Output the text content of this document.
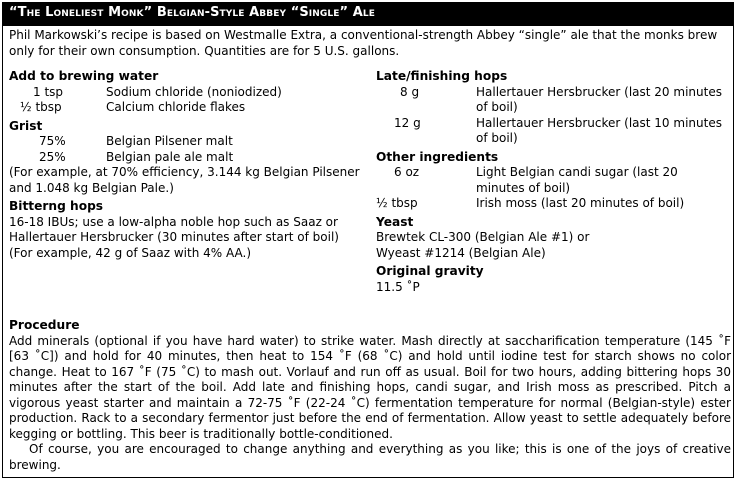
“The Loneliest Monk” Belgian-Style Abbey “Single” Ale
Phil Markowski’s recipe is based on Westmalle Extra, a conventional-strength Abbey “single” ale that the monks brew only for their own consumption. Quantities are for 5 U.S. gallons.
Add to brewing water
1 tsp	Sodium chloride (noniodized)
½ tbsp	Calcium chloride flakes
Grist
75%	Belgian Pilsener malt
25%	Belgian pale ale malt
(For example, at 70% efficiency, 3.144 kg Belgian Pilsener and 1.048 kg Belgian Pale.)
Bitterng hops
16-18 IBUs; use a low-alpha noble hop such as Saaz or Hallertauer Hersbrucker (30 minutes after start of boil)
(For example, 42 g of Saaz with 4% AA.)
Late/finishing hops
8 g	Hallertauer Hersbrucker (last 20 minutes of boil)
12 g	Hallertauer Hersbrucker (last 10 minutes of boil)
Other ingredients
6 oz	Light Belgian candi sugar (last 20 minutes of boil)
½ tbsp	Irish moss (last 20 minutes of boil)
Yeast
Brewtek CL-300 (Belgian Ale #1) or
Wyeast #1214 (Belgian Ale)
Original gravity
11.5 ˚P
Procedure
Add minerals (optional if you have hard water) to strike water. Mash directly at saccharification temperature (145 ˚F [63 ˚C]) and hold for 40 minutes, then heat to 154 ˚F (68 ˚C) and hold until iodine test for starch shows no color change. Heat to 167 ˚F (75 ˚C) to mash out. Vorlauf and run off as usual. Boil for two hours, adding bittering hops 30 minutes after the start of the boil. Add late and finishing hops, candi sugar, and Irish moss as prescribed. Pitch a vigorous yeast starter and maintain a 72-75 ˚F (22-24 ˚C) fermentation temperature for normal (Belgian-style) ester production. Rack to a secondary fermentor just before the end of fermentation. Allow yeast to settle adequately before kegging or bottling. This beer is traditionally bottle-conditioned.
Of course, you are encouraged to change anything and everything as you like; this is one of the joys of creative brewing.
